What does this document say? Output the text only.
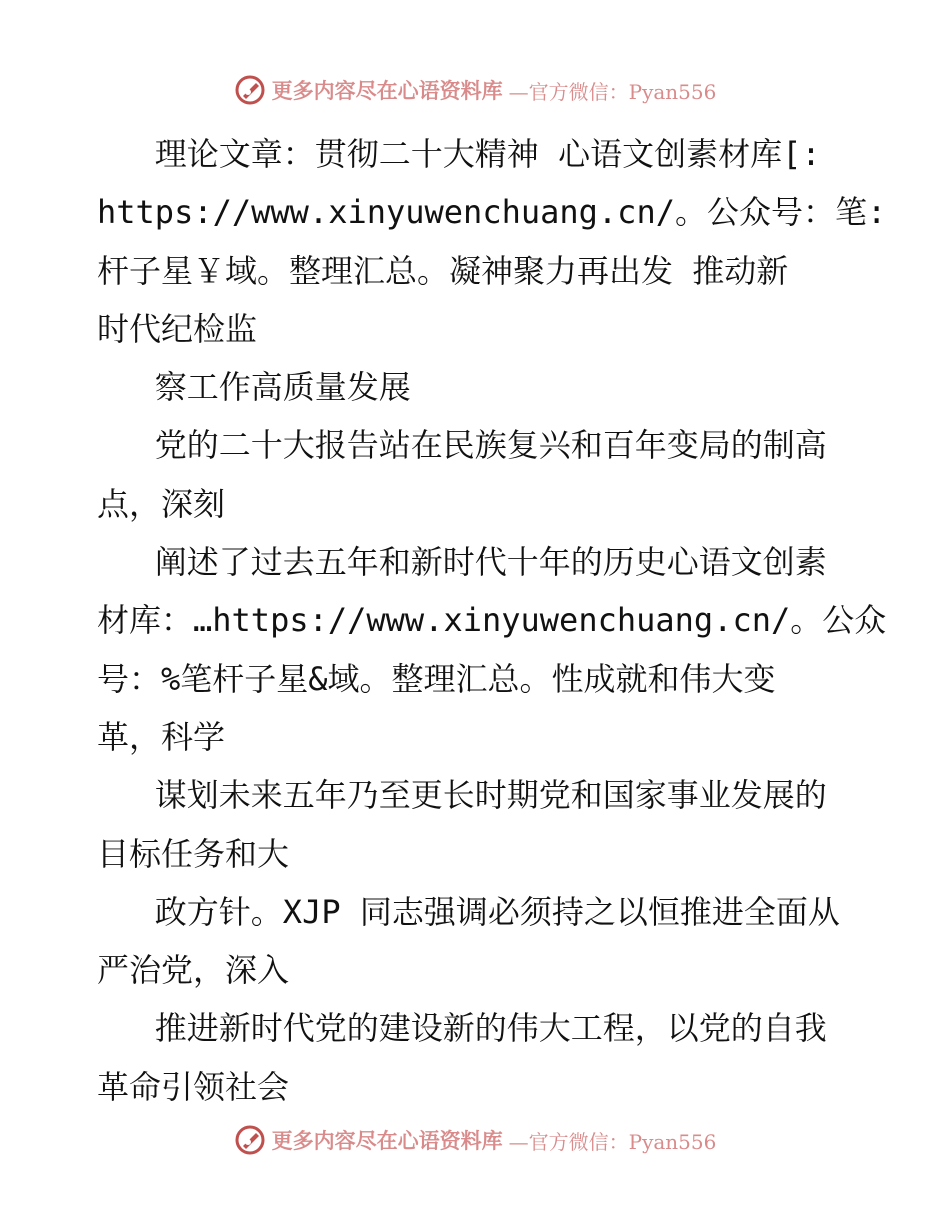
更多内容尽在心语资料库 —官方微信：Pyan556
理论文章：贯彻二十大精神 心语文创素材库[:
https://www.xinyuwenchuang.cn/。公众号：笔:
杆子星￥域。整理汇总。凝神聚力再出发 推动新
时代纪检监
察工作高质量发展
党的二十大报告站在民族复兴和百年变局的制高
点，深刻
阐述了过去五年和新时代十年的历史心语文创素
材库：…https://www.xinyuwenchuang.cn/。公众
号：%笔杆子星&域。整理汇总。性成就和伟大变
革，科学
谋划未来五年乃至更长时期党和国家事业发展的
目标任务和大
政方针。XJP 同志强调必须持之以恒推进全面从
严治党，深入
推进新时代党的建设新的伟大工程，以党的自我
革命引领社会
更多内容尽在心语资料库 —官方微信：Pyan556
